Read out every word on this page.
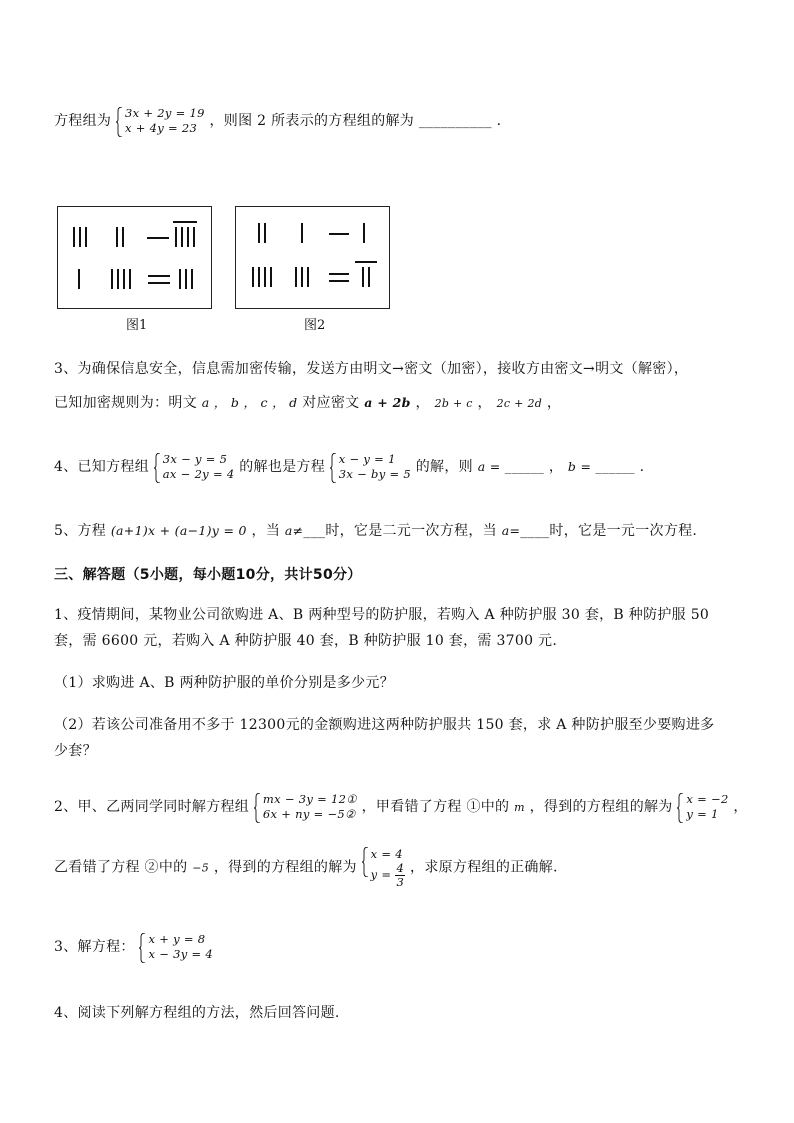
方程组为 3x + 2y = 19
x + 4y = 23 ，则图 2 所表示的方程组的解为 __________ .
图1	图2
3、为确保信息安全，信息需加密传输，发送方由明文→密文（加密），接收方由密文→明文（解密），
已知加密规则为：明文 a ， b ， c ， d 对应密文 a + 2b ， 2b + c ， 2c + 2d ，
4、已知方程组 3x − y = 5
ax − 2y = 4 的解也是方程 x − y = 1
3x − by = 5 的解，则 a = ______ ， b = ______ .
5、方程 (a+1)x + (a−1)y = 0 ，当 a≠___时，它是二元一次方程，当 a=____时，它是一元一次方程.
三、解答题（5小题，每小题10分，共计50分）
1、疫情期间，某物业公司欲购进 A、B 两种型号的防护服，若购入 A 种防护服 30 套，B 种防护服 50
套，需 6600 元，若购入 A 种防护服 40 套，B 种防护服 10 套，需 3700 元.
（1）求购进 A、B 两种防护服的单价分别是多少元？
（2）若该公司准备用不多于 12300元的金额购进这两种防护服共 150 套，求 A 种防护服至少要购进多
少套？
2、甲、乙两同学同时解方程组 mx − 3y = 12①
6x + ny = −5② ，甲看错了方程 ①中的 m ，得到的方程组的解为 x = −2
y = 1	，
乙看错了方程 ②中的 −5 ，得到的方程组的解为
x = 4
$y = \frac{4}{3}$ ，求原方程组的正确解.
3、解方程： x + y = 8
x − 3y = 4
4、阅读下列解方程组的方法，然后回答问题.
